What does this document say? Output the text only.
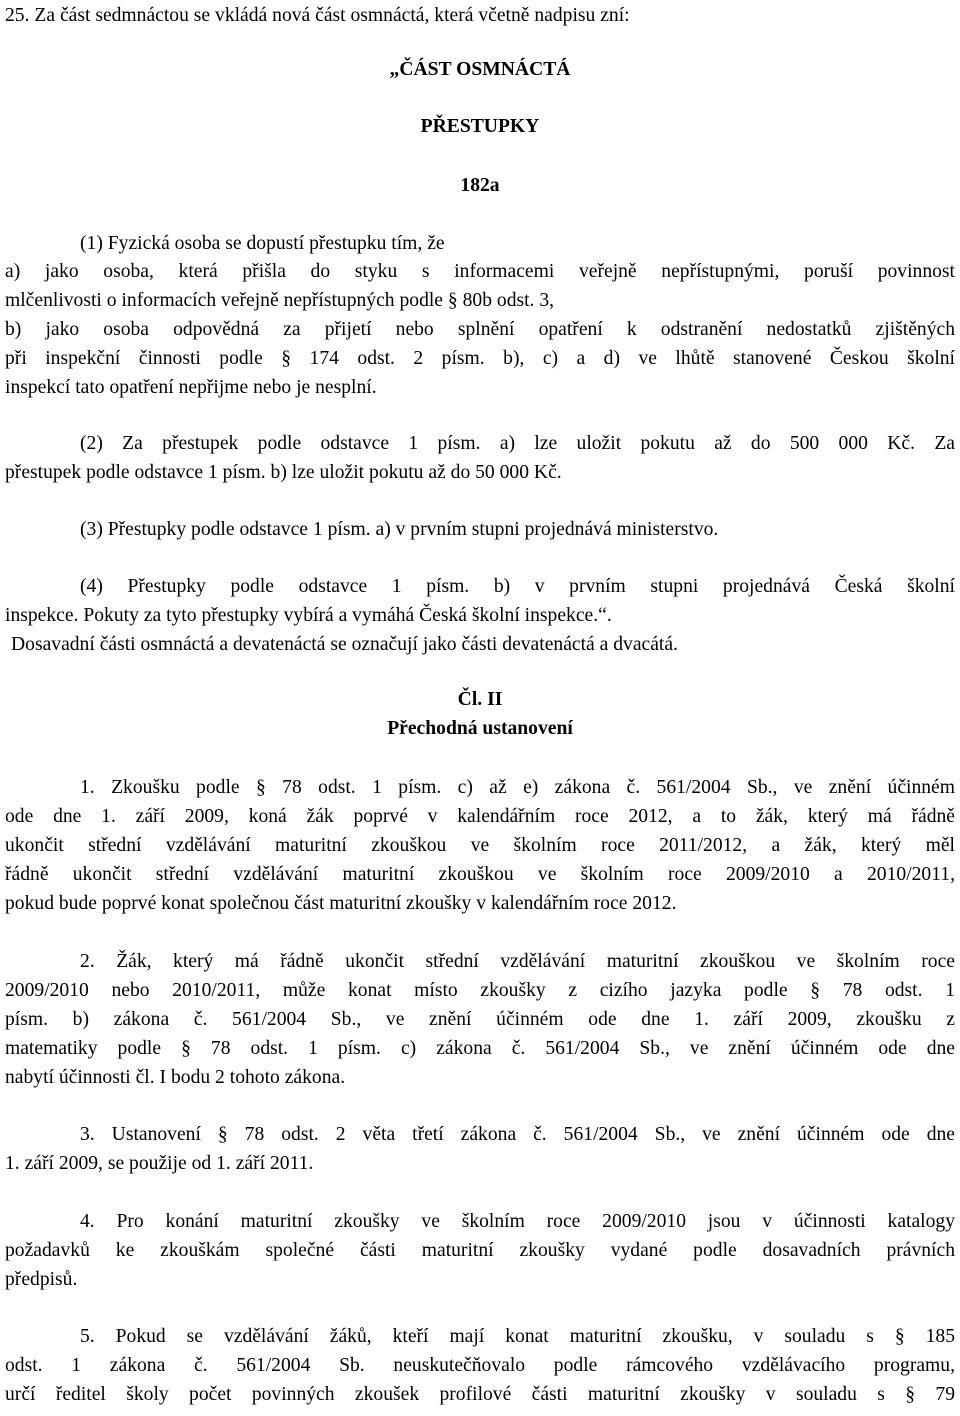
25. Za část sedmnáctou se vkládá nová část osmnáctá, která včetně nadpisu zní:
„ČÁST OSMNÁCTÁ
PŘESTUPKY
182a
(1) Fyzická osoba se dopustí přestupku tím, že
a) jako osoba, která přišla do styku s informacemi veřejně nepřístupnými, poruší povinnost
mlčenlivosti o informacích veřejně nepřístupných podle § 80b odst. 3,
b) jako osoba odpovědná za přijetí nebo splnění opatření k odstranění nedostatků zjištěných
při inspekční činnosti podle § 174 odst. 2 písm. b), c) a d) ve lhůtě stanovené Českou školní
inspekcí tato opatření nepřijme nebo je nesplní.
(2) Za přestupek podle odstavce 1 písm. a) lze uložit pokutu až do 500 000 Kč. Za
přestupek podle odstavce 1 písm. b) lze uložit pokutu až do 50 000 Kč.
(3) Přestupky podle odstavce 1 písm. a) v prvním stupni projednává ministerstvo.
(4) Přestupky podle odstavce 1 písm. b) v prvním stupni projednává Česká školní
inspekce. Pokuty za tyto přestupky vybírá a vymáhá Česká školní inspekce.“.
Dosavadní části osmnáctá a devatenáctá se označují jako části devatenáctá a dvacátá.
Čl. II
Přechodná ustanovení
1. Zkoušku podle § 78 odst. 1 písm. c) až e) zákona č. 561/2004 Sb., ve znění účinném
ode dne 1. září 2009, koná žák poprvé v kalendářním roce 2012, a to žák, který má řádně
ukončit střední vzdělávání maturitní zkouškou ve školním roce 2011/2012, a žák, který měl
řádně ukončit střední vzdělávání maturitní zkouškou ve školním roce 2009/2010 a 2010/2011,
pokud bude poprvé konat společnou část maturitní zkoušky v kalendářním roce 2012.
2. Žák, který má řádně ukončit střední vzdělávání maturitní zkouškou ve školním roce
2009/2010 nebo 2010/2011, může konat místo zkoušky z cizího jazyka podle § 78 odst. 1
písm. b) zákona č. 561/2004 Sb., ve znění účinném ode dne 1. září 2009, zkoušku z
matematiky podle § 78 odst. 1 písm. c) zákona č. 561/2004 Sb., ve znění účinném ode dne
nabytí účinnosti čl. I bodu 2 tohoto zákona.
3. Ustanovení § 78 odst. 2 věta třetí zákona č. 561/2004 Sb., ve znění účinném ode dne
1. září 2009, se použije od 1. září 2011.
4. Pro konání maturitní zkoušky ve školním roce 2009/2010 jsou v účinnosti katalogy
požadavků ke zkouškám společné části maturitní zkoušky vydané podle dosavadních právních
předpisů.
5. Pokud se vzdělávání žáků, kteří mají konat maturitní zkoušku, v souladu s § 185
odst. 1 zákona č. 561/2004 Sb. neuskutečňovalo podle rámcového vzdělávacího programu,
určí ředitel školy počet povinných zkoušek profilové části maturitní zkoušky v souladu s § 79
